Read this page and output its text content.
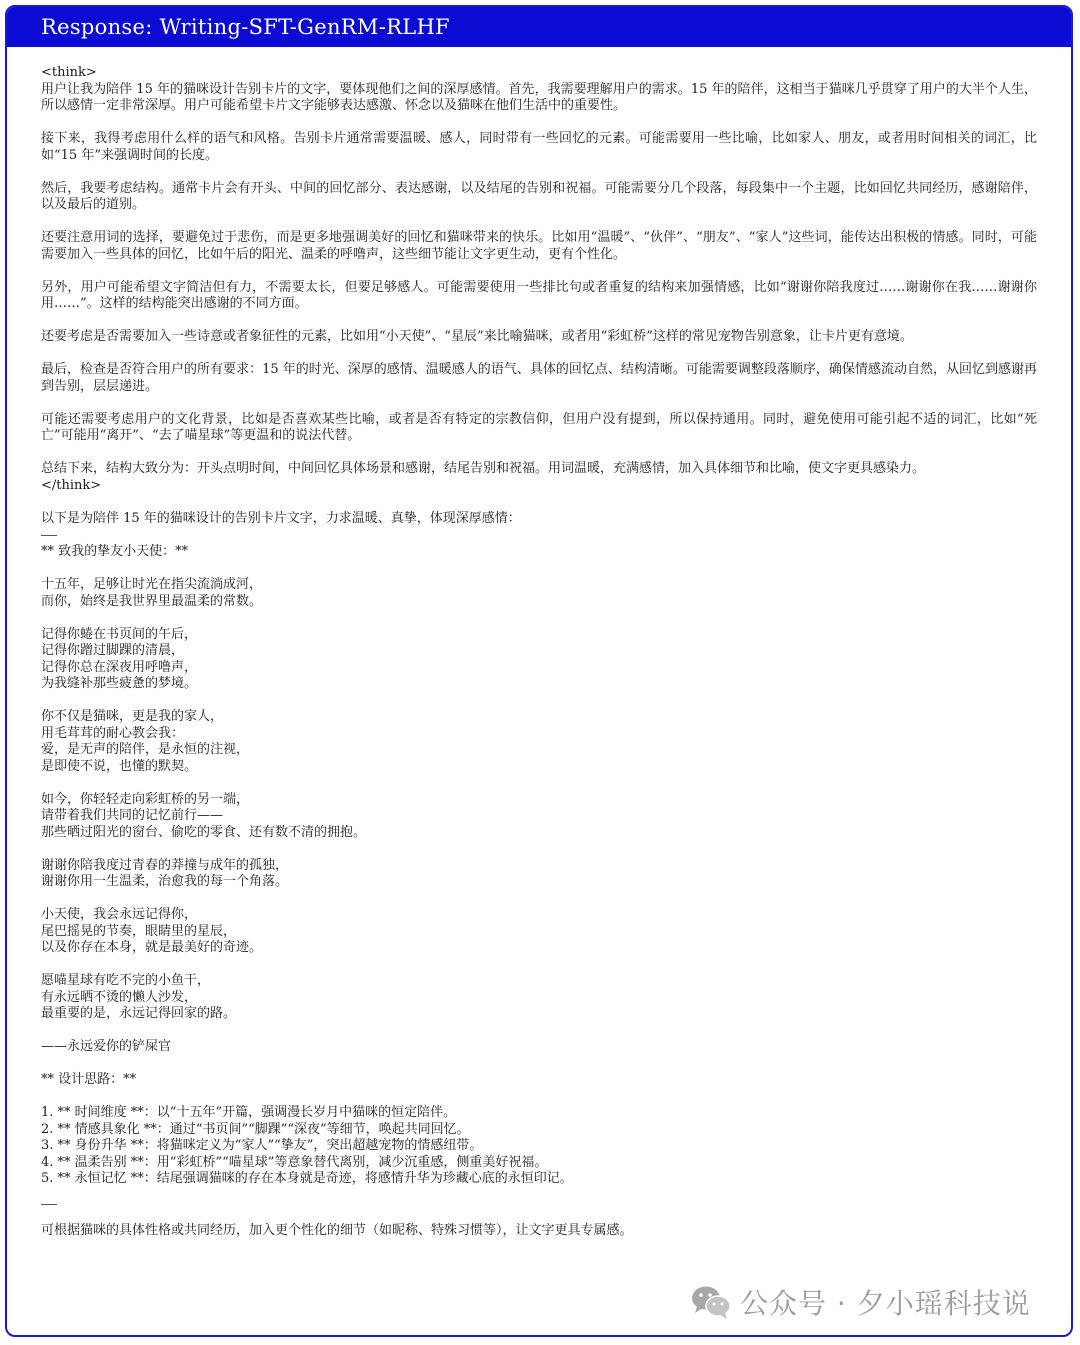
Response: Writing-SFT-GenRM-RLHF

<think>

用户让我为陪伴 15 年的猫咪设计告别卡片的文字，要体现他们之间的深厚感情。首先，我需要理解用户的需求。15 年的陪伴，这相当于猫咪几乎贯穿了用户的大半个人生，所以感情一定非常深厚。用户可能希望卡片文字能够表达感激、怀念以及猫咪在他们生活中的重要性。

接下来，我得考虑用什么样的语气和风格。告别卡片通常需要温暖、感人，同时带有一些回忆的元素。可能需要用一些比喻，比如家人、朋友，或者用时间相关的词汇，比如“15 年”来强调时间的长度。

然后，我要考虑结构。通常卡片会有开头、中间的回忆部分、表达感谢，以及结尾的告别和祝福。可能需要分几个段落，每段集中一个主题，比如回忆共同经历，感谢陪伴，以及最后的道别。

还要注意用词的选择，要避免过于悲伤，而是更多地强调美好的回忆和猫咪带来的快乐。比如用“温暖”、“伙伴”、“朋友”、“家人”这些词，能传达出积极的情感。同时，可能需要加入一些具体的回忆，比如午后的阳光、温柔的呼噜声，这些细节能让文字更生动，更有个性化。

另外，用户可能希望文字简洁但有力，不需要太长，但要足够感人。可能需要使用一些排比句或者重复的结构来加强情感，比如“谢谢你陪我度过……谢谢你在我……谢谢你用……”。这样的结构能突出感谢的不同方面。

还要考虑是否需要加入一些诗意或者象征性的元素，比如用“小天使”、“星辰”来比喻猫咪，或者用“彩虹桥”这样的常见宠物告别意象，让卡片更有意境。

最后，检查是否符合用户的所有要求：15 年的时光、深厚的感情、温暖感人的语气、具体的回忆点、结构清晰。可能需要调整段落顺序，确保情感流动自然，从回忆到感谢再到告别，层层递进。

可能还需要考虑用户的文化背景，比如是否喜欢某些比喻，或者是否有特定的宗教信仰，但用户没有提到，所以保持通用。同时，避免使用可能引起不适的词汇，比如“死亡”可能用“离开”、“去了喵星球”等更温和的说法代替。

总结下来，结构大致分为：开头点明时间，中间回忆具体场景和感谢，结尾告别和祝福。用词温暖，充满感情，加入具体细节和比喻，使文字更具感染力。

</think>

以下是为陪伴 15 年的猫咪设计的告别卡片文字，力求温暖、真挚，体现深厚感情：

** 致我的挚友小天使：**

十五年，足够让时光在指尖流淌成河，

而你，始终是我世界里最温柔的常数。

记得你蜷在书页间的午后，

记得你蹭过脚踝的清晨，

记得你总在深夜用呼噜声，

为我缝补那些疲惫的梦境。

你不仅是猫咪，更是我的家人，

用毛茸茸的耐心教会我：

爱，是无声的陪伴，是永恒的注视，

是即使不说，也懂的默契。

如今，你轻轻走向彩虹桥的另一端，

请带着我们共同的记忆前行——

那些晒过阳光的窗台、偷吃的零食、还有数不清的拥抱。

谢谢你陪我度过青春的莽撞与成年的孤独，

谢谢你用一生温柔，治愈我的每一个角落。

小天使，我会永远记得你，

尾巴摇晃的节奏，眼睛里的星辰，

以及你存在本身，就是最美好的奇迹。

愿喵星球有吃不完的小鱼干，

有永远晒不烫的懒人沙发，

最重要的是，永远记得回家的路。

——永远爱你的铲屎官

** 设计思路：**

1. ** 时间维度 **：以“十五年”开篇，强调漫长岁月中猫咪的恒定陪伴。

2. ** 情感具象化 **：通过“书页间”“脚踝”“深夜”等细节，唤起共同回忆。

3. ** 身份升华 **：将猫咪定义为“家人”“挚友”，突出超越宠物的情感纽带。

4. ** 温柔告别 **：用“彩虹桥”“喵星球”等意象替代离别，减少沉重感，侧重美好祝福。

5. ** 永恒记忆 **：结尾强调猫咪的存在本身就是奇迹，将感情升华为珍藏心底的永恒印记。

可根据猫咪的具体性格或共同经历，加入更个性化的细节（如昵称、特殊习惯等），让文字更具专属感。

公众号 · 夕小瑶科技说
